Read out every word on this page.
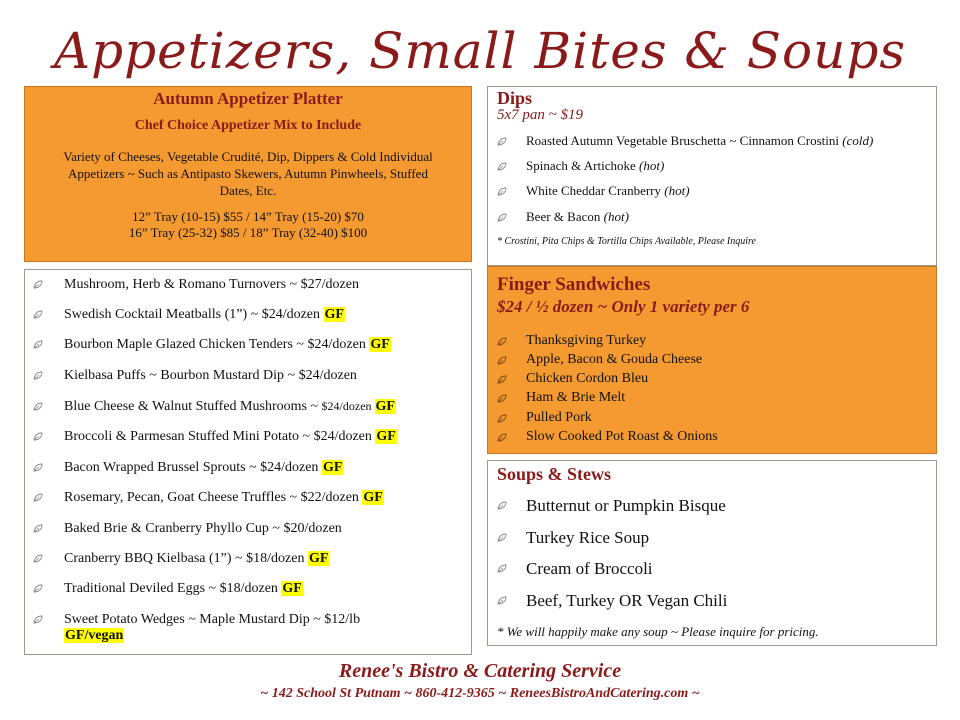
Appetizers, Small Bites & Soups
Autumn Appetizer Platter
Chef Choice Appetizer Mix to Include
Variety of Cheeses, Vegetable Crudité, Dip, Dippers & Cold Individual Appetizers ~ Such as Antipasto Skewers, Autumn Pinwheels, Stuffed Dates, Etc.
12” Tray (10-15) $55 / 14” Tray (15-20) $70
16” Tray (25-32) $85 / 18” Tray (32-40) $100
Mushroom, Herb & Romano Turnovers ~ $27/dozen
Swedish Cocktail Meatballs (1”) ~ $24/dozen GF
Bourbon Maple Glazed Chicken Tenders ~ $24/dozen GF
Kielbasa Puffs ~ Bourbon Mustard Dip ~ $24/dozen
Blue Cheese & Walnut Stuffed Mushrooms ~ $24/dozen GF
Broccoli & Parmesan Stuffed Mini Potato ~ $24/dozen GF
Bacon Wrapped Brussel Sprouts ~ $24/dozen GF
Rosemary, Pecan, Goat Cheese Truffles ~ $22/dozen GF
Baked Brie & Cranberry Phyllo Cup ~ $20/dozen
Cranberry BBQ Kielbasa (1”) ~ $18/dozen GF
Traditional Deviled Eggs ~ $18/dozen GF
Sweet Potato Wedges ~ Maple Mustard Dip ~ $12/lb
GF/vegan
Dips
5x7 pan ~ $19
Roasted Autumn Vegetable Bruschetta ~ Cinnamon Crostini (cold)
Spinach & Artichoke (hot)
White Cheddar Cranberry (hot)
Beer & Bacon (hot)
* Crostini, Pita Chips & Tortilla Chips Available, Please Inquire
Finger Sandwiches
$24 / ½ dozen ~ Only 1 variety per 6
Thanksgiving Turkey
Apple, Bacon & Gouda Cheese
Chicken Cordon Bleu
Ham & Brie Melt
Pulled Pork
Slow Cooked Pot Roast & Onions
Soups & Stews
Butternut or Pumpkin Bisque
Turkey Rice Soup
Cream of Broccoli
Beef, Turkey OR Vegan Chili
* We will happily make any soup ~ Please inquire for pricing.
Renee's Bistro & Catering Service
~ 142 School St Putnam ~ 860-412-9365 ~ ReneesBistroAndCatering.com ~
